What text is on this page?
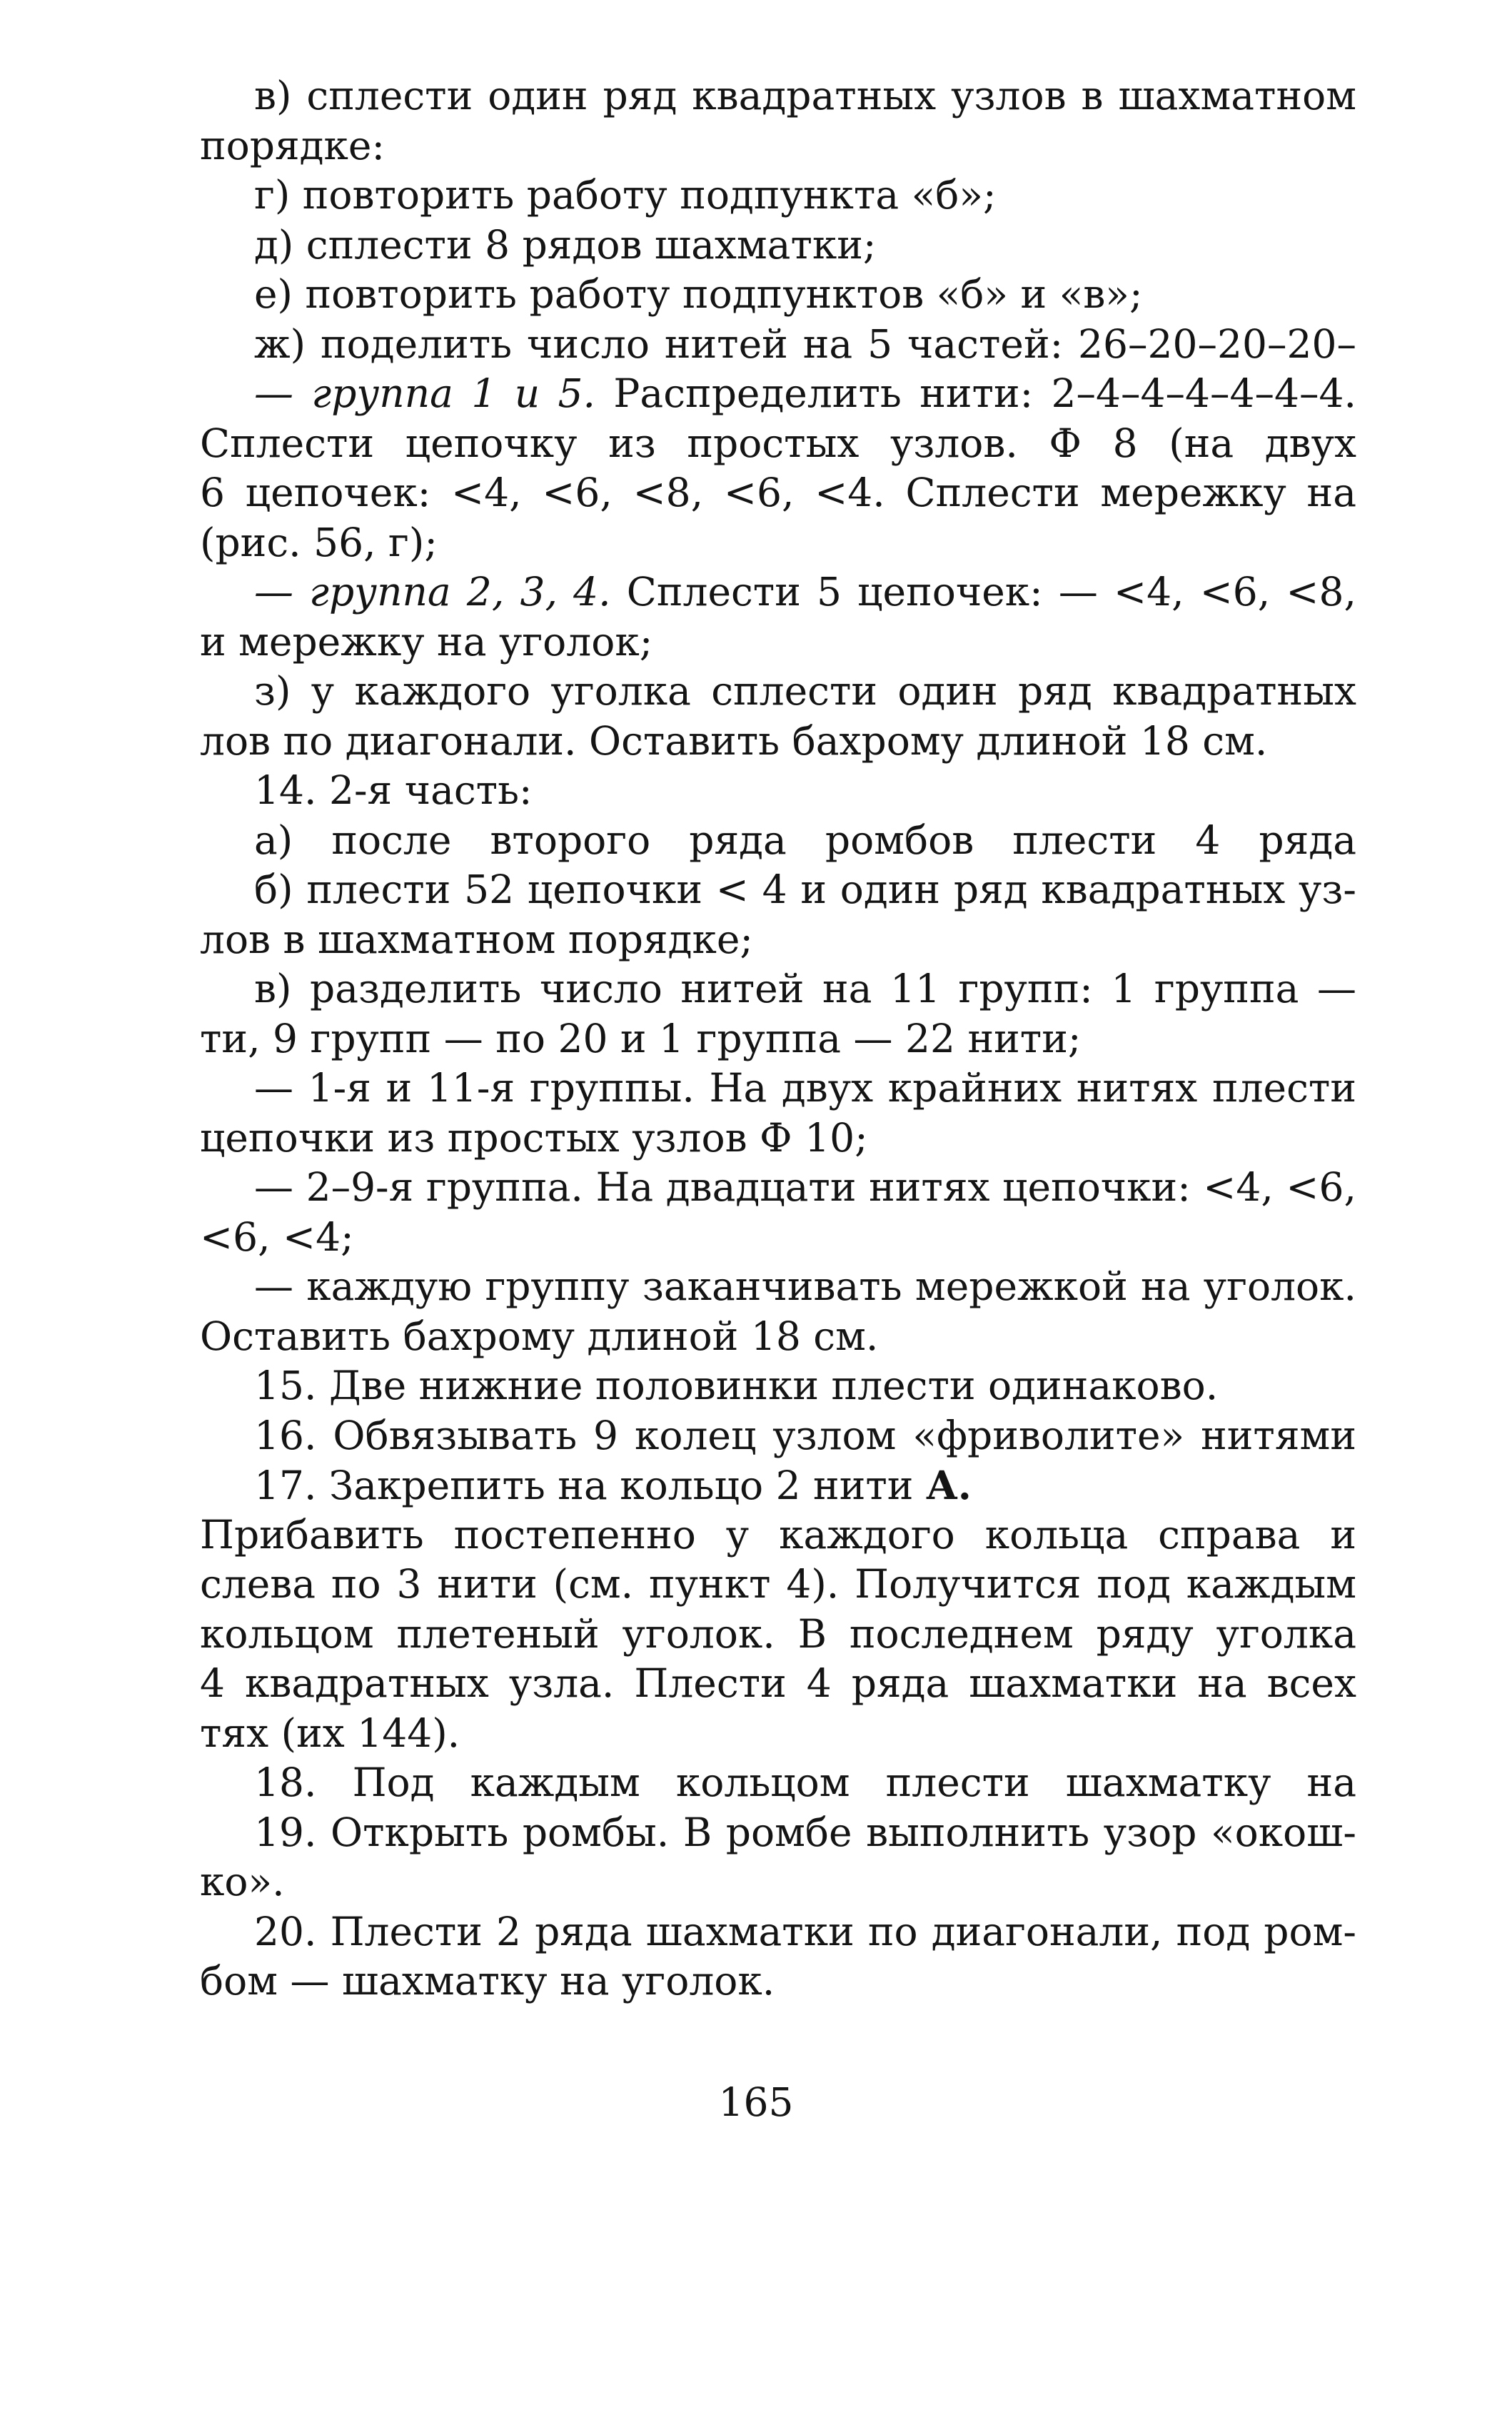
в) сплести один ряд квадратных узлов в шахматном
порядке:
г) повторить работу подпункта «б»;
д) сплести 8 рядов шахматки;
е) повторить работу подпунктов «б» и «в»;
ж) поделить число нитей на 5 частей: 26–20–20–20–
— группа 1 и 5. Распределить нити: 2–4–4–4–4–4–4.
Сплести цепочку из простых узлов. Ф 8 (на двух
6 цепочек: <4, <6, <8, <6, <4. Сплести мережку на
(рис. 56, г);
— группа 2, 3, 4. Сплести 5 цепочек: — <4, <6, <8,
и мережку на уголок;
з) у каждого уголка сплести один ряд квадратных
лов по диагонали. Оставить бахрому длиной 18 см.
14. 2-я часть:
а) после второго ряда ромбов плести 4 ряда
б) плести 52 цепочки < 4 и один ряд квадратных уз-
лов в шахматном порядке;
в) разделить число нитей на 11 групп: 1 группа —
ти, 9 групп — по 20 и 1 группа — 22 нити;
— 1-я и 11-я группы. На двух крайних нитях плести
цепочки из простых узлов Ф 10;
— 2–9-я группа. На двадцати нитях цепочки: <4, <6,
<6, <4;
— каждую группу заканчивать мережкой на уголок.
Оставить бахрому длиной 18 см.
15. Две нижние половинки плести одинаково.
16. Обвязывать 9 колец узлом «фриволите» нитями
17. Закрепить на кольцо 2 нити А.
Прибавить постепенно у каждого кольца справа и
слева по 3 нити (см. пункт 4). Получится под каждым
кольцом плетеный уголок. В последнем ряду уголка
4 квадратных узла. Плести 4 ряда шахматки на всех
тях (их 144).
18. Под каждым кольцом плести шахматку на
19. Открыть ромбы. В ромбе выполнить узор «окош-
ко».
20. Плести 2 ряда шахматки по диагонали, под ром-
бом — шахматку на уголок.
165
